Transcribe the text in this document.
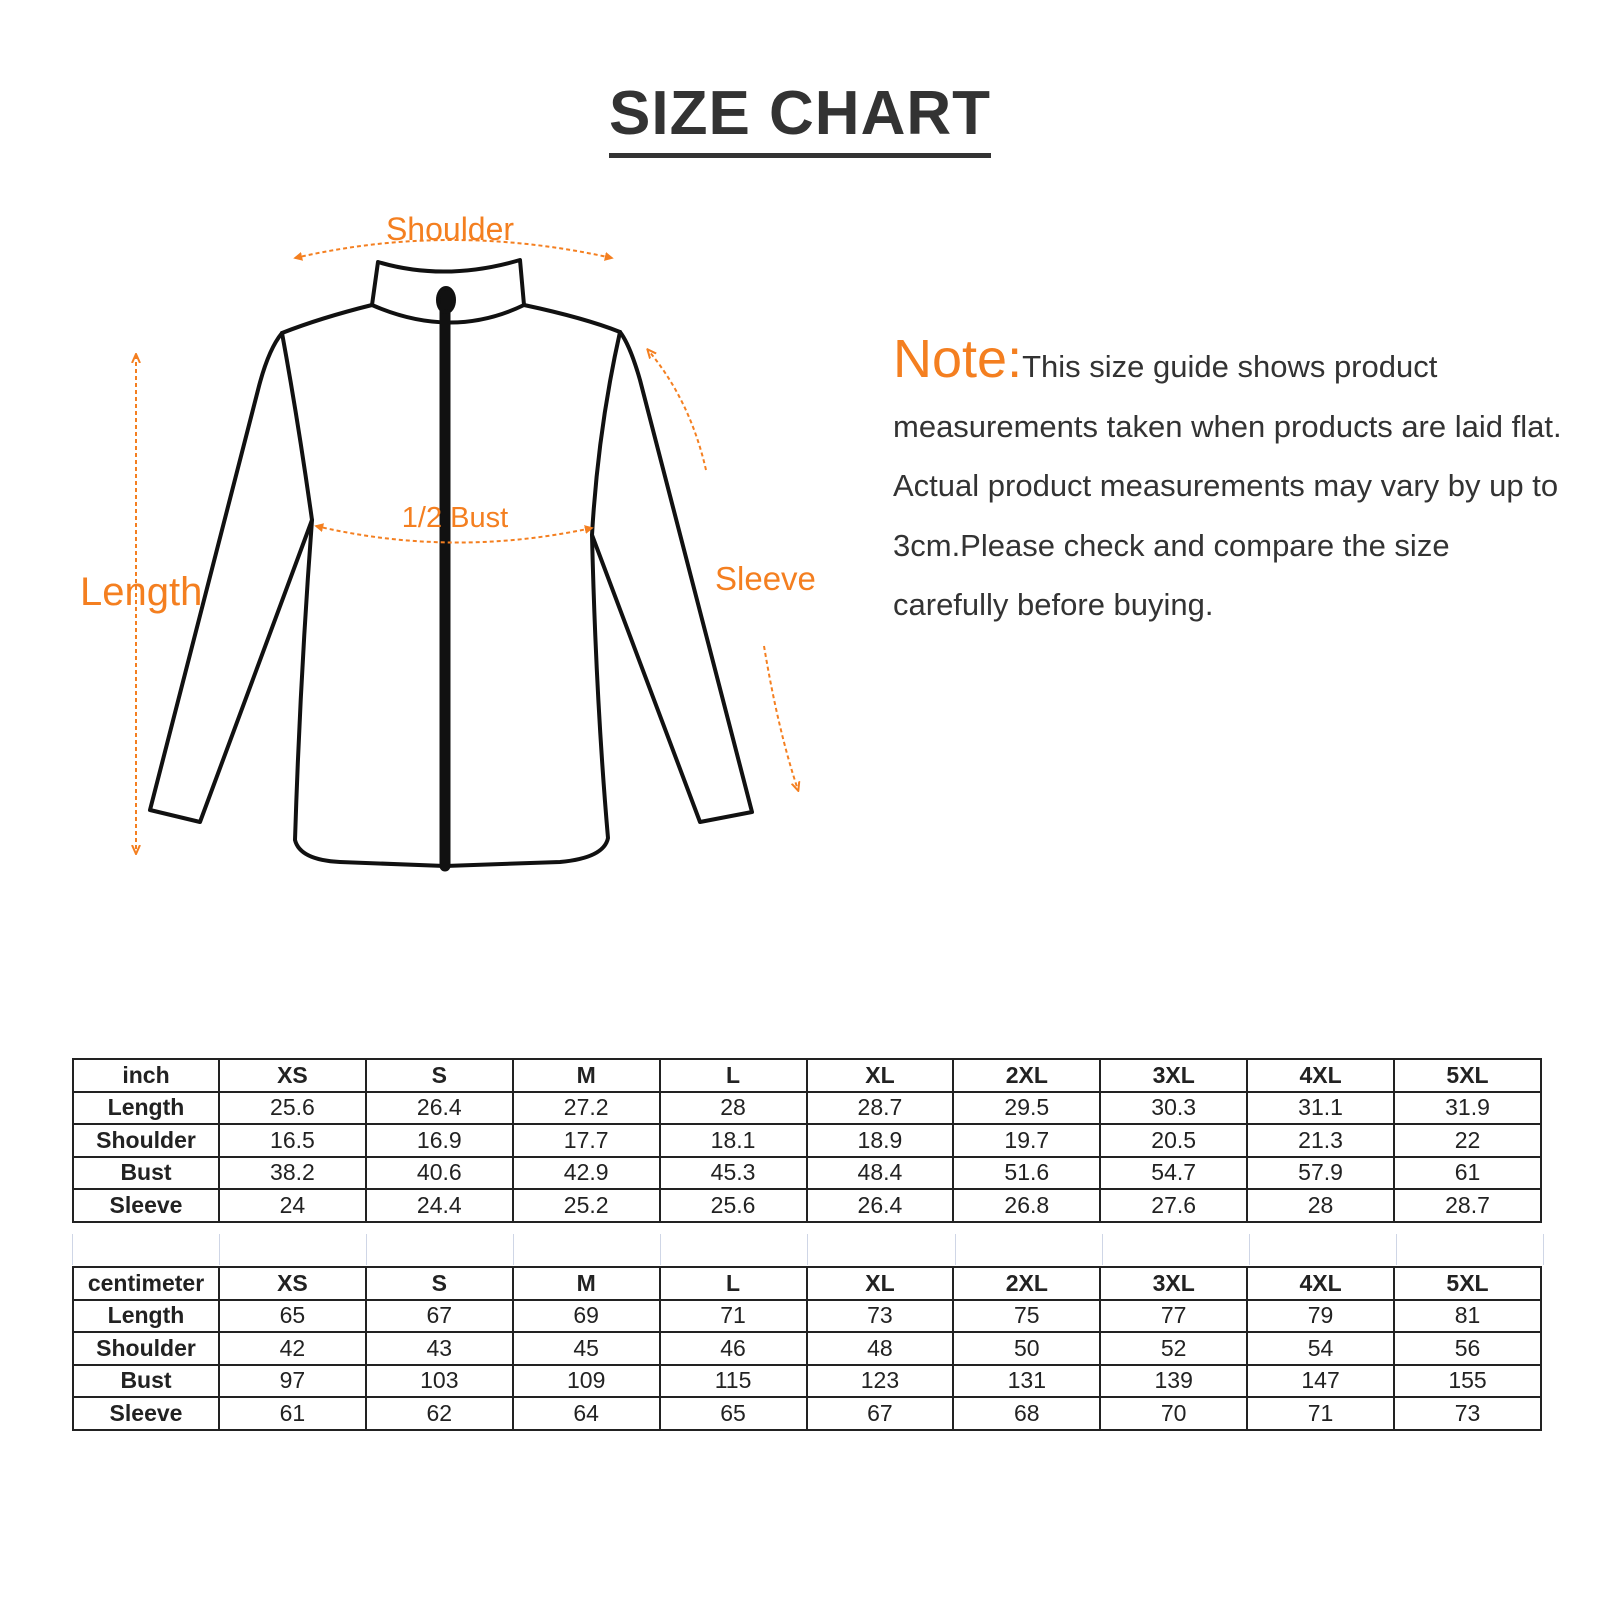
SIZE CHART
Shoulder
1/2 Bust
Length	Sleeve
Note:This size guide shows product measurements taken when products are laid flat. Actual product measurements may vary by up to 3cm.Please check and compare the size carefully before buying.
inch	XS	S	M	L	XL	2XL	3XL	4XL	5XL
Length	25.6	26.4	27.2	28	28.7	29.5	30.3	31.1	31.9
Shoulder	16.5	16.9	17.7	18.1	18.9	19.7	20.5	21.3	22
Bust	38.2	40.6	42.9	45.3	48.4	51.6	54.7	57.9	61
Sleeve	24	24.4	25.2	25.6	26.4	26.8	27.6	28	28.7
centimeter	XS	S	M	L	XL	2XL	3XL	4XL	5XL
Length	65	67	69	71	73	75	77	79	81
Shoulder	42	43	45	46	48	50	52	54	56
Bust	97	103	109	115	123	131	139	147	155
Sleeve	61	62	64	65	67	68	70	71	73
